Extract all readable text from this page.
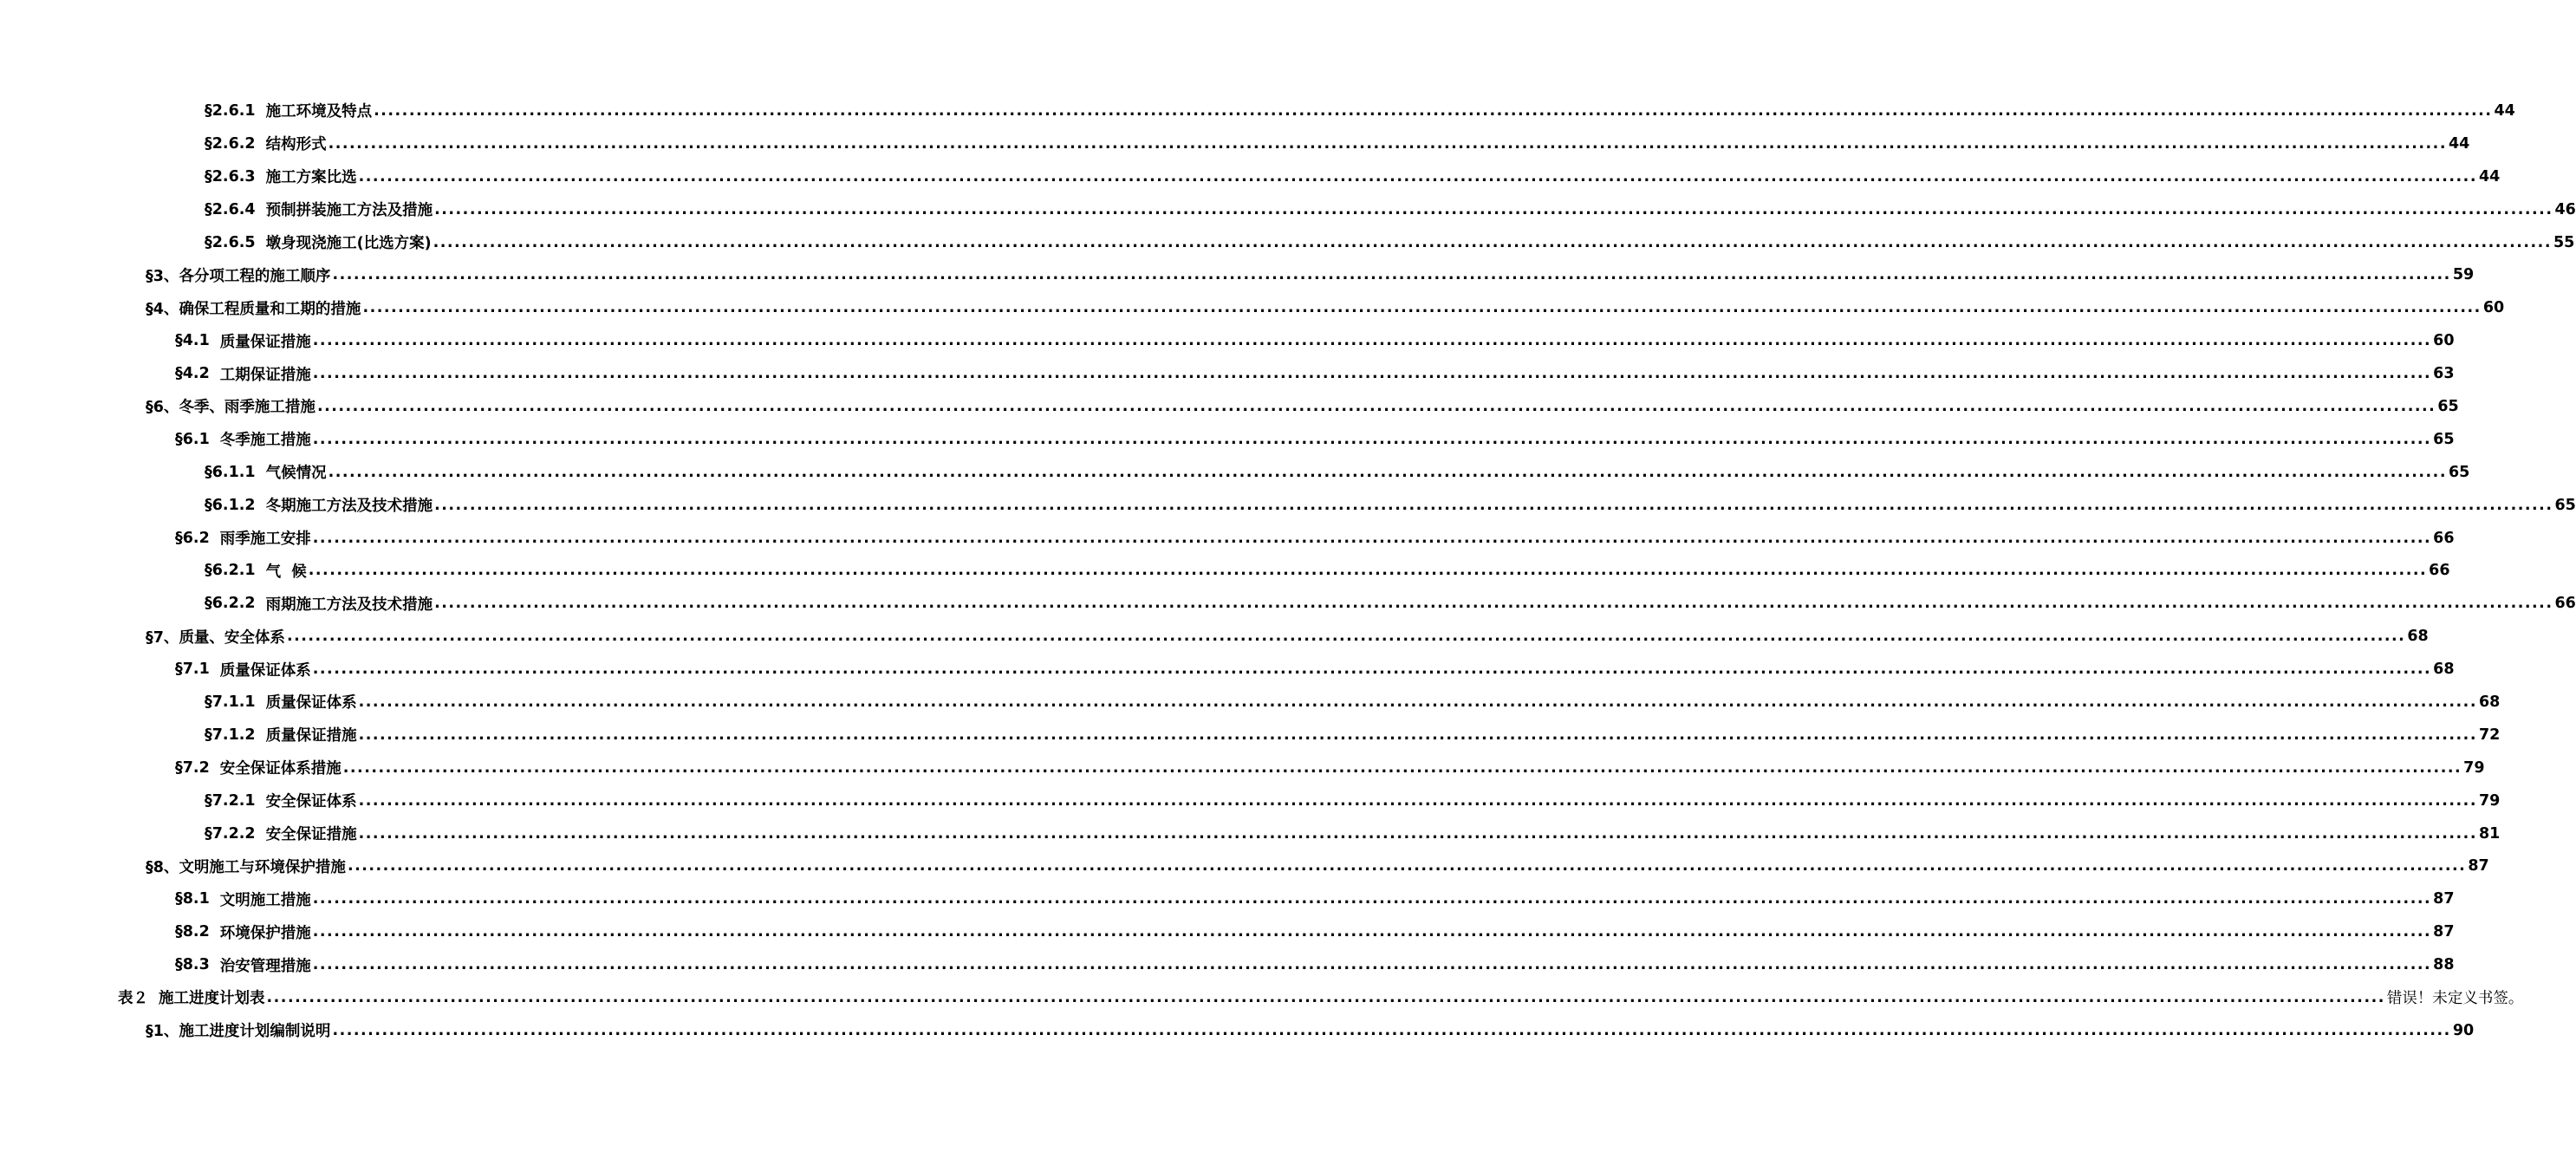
§2.6.1 施工环境及特点 ............................................................................................................................................................................................................................................................................................................ 44
§2.6.2 结构形式 ............................................................................................................................................................................................................................................................................................................ 44
§2.6.3 施工方案比选 ............................................................................................................................................................................................................................................................................................................ 44
§2.6.4 预制拼装施工方法及措施 ............................................................................................................................................................................................................................................................................................................ 46
§2.6.5 墩身现浇施工(比选方案) ............................................................................................................................................................................................................................................................................................................ 55
§3、 各分项工程的施工顺序 ............................................................................................................................................................................................................................................................................................................ 59
§4、 确保工程质量和工期的措施 ............................................................................................................................................................................................................................................................................................................ 60
§4.1 质量保证措施 ............................................................................................................................................................................................................................................................................................................ 60
§4.2 工期保证措施 ............................................................................................................................................................................................................................................................................................................ 63
§6、 冬季、雨季施工措施 ............................................................................................................................................................................................................................................................................................................ 65
§6.1 冬季施工措施 ............................................................................................................................................................................................................................................................................................................ 65
§6.1.1 气候情况 ............................................................................................................................................................................................................................................................................................................ 65
§6.1.2 冬期施工方法及技术措施 ............................................................................................................................................................................................................................................................................................................ 65
§6.2 雨季施工安排 ............................................................................................................................................................................................................................................................................................................ 66
§6.2.1 气  候 ............................................................................................................................................................................................................................................................................................................ 66
§6.2.2 雨期施工方法及技术措施 ............................................................................................................................................................................................................................................................................................................ 66
§7、 质量、安全体系 ............................................................................................................................................................................................................................................................................................................ 68
§7.1 质量保证体系 ............................................................................................................................................................................................................................................................................................................ 68
§7.1.1 质量保证体系 ............................................................................................................................................................................................................................................................................................................ 68
§7.1.2 质量保证措施 ............................................................................................................................................................................................................................................................................................................ 72
§7.2 安全保证体系措施 ............................................................................................................................................................................................................................................................................................................ 79
§7.2.1 安全保证体系 ............................................................................................................................................................................................................................................................................................................ 79
§7.2.2 安全保证措施 ............................................................................................................................................................................................................................................................................................................ 81
§8、 文明施工与环境保护措施 ............................................................................................................................................................................................................................................................................................................ 87
§8.1 文明施工措施 ............................................................................................................................................................................................................................................................................................................ 87
§8.2 环境保护措施 ............................................................................................................................................................................................................................................................................................................ 87
§8.3 治安管理措施 ............................................................................................................................................................................................................................................................................................................ 88
表２ 施工进度计划表 ............................................................................................................................................................................................................................................................................................................ 错误！未定义书签。
§1、 施工进度计划编制说明 ............................................................................................................................................................................................................................................................................................................ 90
